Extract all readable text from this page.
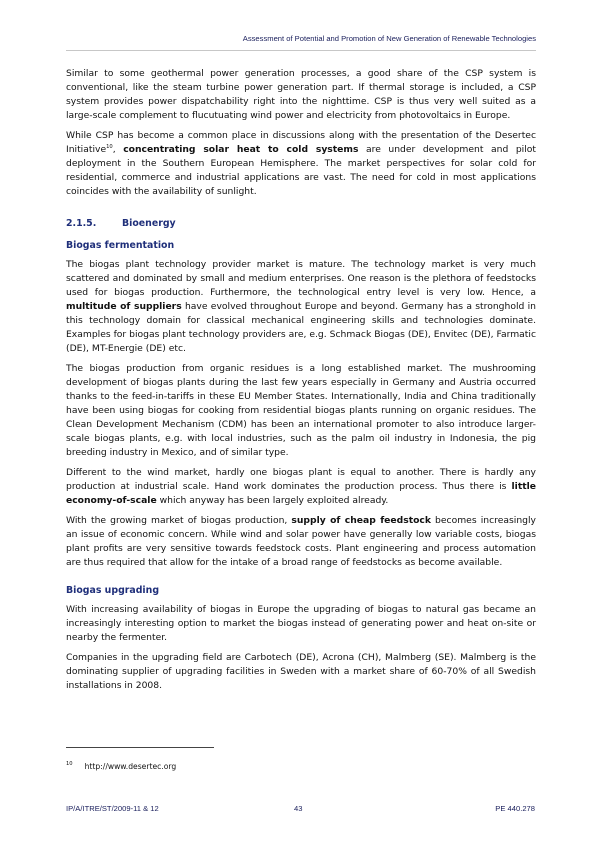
Assessment of Potential and Promotion of New Generation of Renewable Technologies

Similar to some geothermal power generation processes, a good share of the CSP system is conventional, like the steam turbine power generation part. If thermal storage is included, a CSP system provides power dispatchability right into the nighttime. CSP is thus very well suited as a large-scale complement to flucutuating wind power and electricity from photovoltaics in Europe.

While CSP has become a common place in discussions along with the presentation of the Desertec Initiative$^{10}$, concentrating solar heat to cold systems are under development and pilot deployment in the Southern European Hemisphere. The market perspectives for solar cold for residential, commerce and industrial applications are vast. The need for cold in most applications coincides with the availability of sunlight.

2.1.5.	Bioenergy
Biogas fermentation

The biogas plant technology provider market is mature. The technology market is very much scattered and dominated by small and medium enterprises. One reason is the plethora of feedstocks used for biogas production. Furthermore, the technological entry level is very low. Hence, a multitude of suppliers have evolved throughout Europe and beyond. Germany has a stronghold in this technology domain for classical mechanical engineering skills and technologies dominate. Examples for biogas plant technology providers are, e.g. Schmack Biogas (DE), Envitec (DE), Farmatic (DE), MT-Energie (DE) etc.

The biogas production from organic residues is a long established market. The mushrooming development of biogas plants during the last few years especially in Germany and Austria occurred thanks to the feed-in-tariffs in these EU Member States. Internationally, India and China traditionally have been using biogas for cooking from residential biogas plants running on organic residues. The Clean Development Mechanism (CDM) has been an international promoter to also introduce larger-scale biogas plants, e.g. with local industries, such as the palm oil industry in Indonesia, the pig breeding industry in Mexico, and of similar type.

Different to the wind market, hardly one biogas plant is equal to another. There is hardly any production at industrial scale. Hand work dominates the production process. Thus there is little economy-of-scale which anyway has been largely exploited already.

With the growing market of biogas production, supply of cheap feedstock becomes increasingly an issue of economic concern. While wind and solar power have generally low variable costs, biogas plant profits are very sensitive towards feedstock costs. Plant engineering and process automation are thus required that allow for the intake of a broad range of feedstocks as become available.

Biogas upgrading

With increasing availability of biogas in Europe the upgrading of biogas to natural gas became an increasingly interesting option to market the biogas instead of generating power and heat on-site or nearby the fermenter.

Companies in the upgrading field are Carbotech (DE), Acrona (CH), Malmberg (SE). Malmberg is the dominating supplier of upgrading facilities in Sweden with a market share of 60-70% of all Swedish installations in 2008.

$^{10}$ http://www.desertec.org
IP/A/ITRE/ST/2009-11 & 12	43	PE 440.278
